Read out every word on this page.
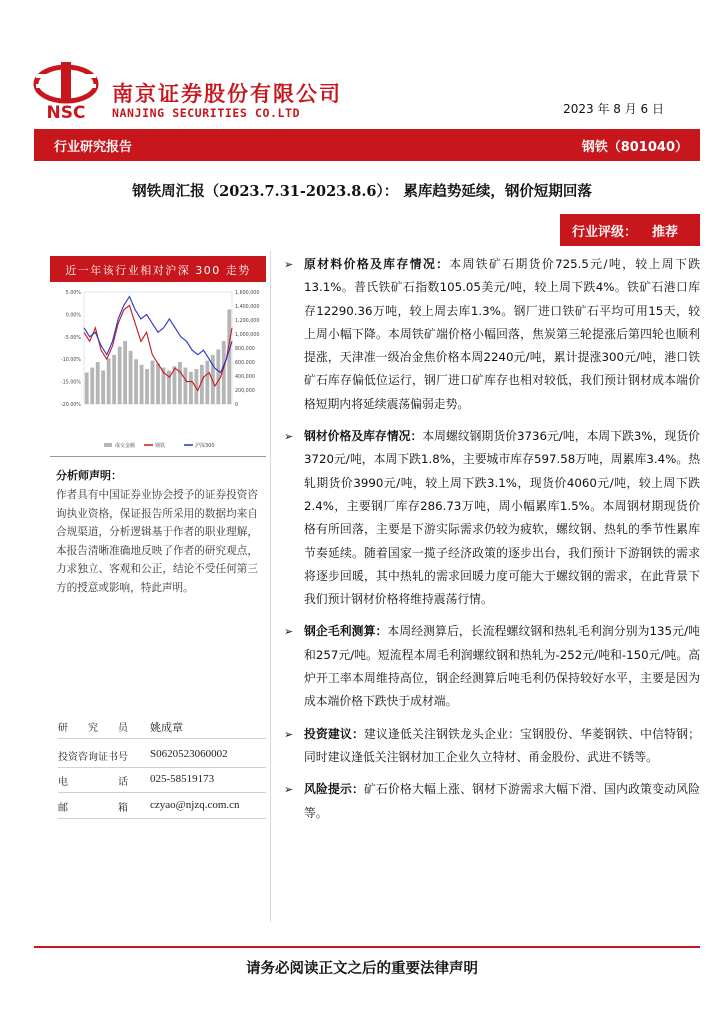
NSC
南京证券股份有限公司
NANJING SECURITIES CO.LTD	2023 年 8 月 6 日
行业研究报告	钢铁（801040）
钢铁周汇报（2023.7.31-2023.8.6）： 累库趋势延续，钢价短期回落
行业评级： 推荐
近一年该行业相对沪深 300 走势
5.00%
0.00%
-5.00%
-10.00%
-15.00%
-20.00%
1,600,000
1,400,000
1,200,000
1,000,000
800,000
600,000
400,000
200,000
0
成交金额	钢铁	沪深300
分析师声明：
作者具有中国证券业协会授予的证券投资咨询执业资格，保证报告所采用的数据均来自合规渠道，分析逻辑基于作者的职业理解，本报告清晰准确地反映了作者的研究观点，力求独立、客观和公正，结论不受任何第三方的授意或影响，特此声明。
研　　究　　员	姚成章
投资咨询证书号	S0620523060002
电　　　　　话	025-58519173
邮　　　　　箱	czyao@njzq.com.cn
➢ 原材料价格及库存情况：本周铁矿石期货价725.5元/吨，较上周下跌13.1%。普氏铁矿石指数105.05美元/吨，较上周下跌4%。铁矿石港口库存12290.36万吨，较上周去库1.3%。钢厂进口铁矿石平均可用15天，较上周小幅下降。本周铁矿端价格小幅回落，焦炭第三轮提涨后第四轮也顺利提涨，天津准一级冶金焦价格本周2240元/吨，累计提涨300元/吨，港口铁矿石库存偏低位运行，钢厂进口矿库存也相对较低，我们预计钢材成本端价格短期内将延续震荡偏弱走势。
➢ 钢材价格及库存情况：本周螺纹钢期货价3736元/吨，本周下跌3%，现货价3720元/吨，本周下跌1.8%，主要城市库存597.58万吨，周累库3.4%。热轧期货价3990元/吨，较上周下跌3.1%，现货价4060元/吨，较上周下跌2.4%，主要钢厂库存286.73万吨，周小幅累库1.5%。本周钢材期现货价格有所回落，主要是下游实际需求仍较为疲软，螺纹钢、热轧的季节性累库节奏延续。随着国家一揽子经济政策的逐步出台，我们预计下游钢铁的需求将逐步回暖，其中热轧的需求回暖力度可能大于螺纹钢的需求，在此背景下我们预计钢材价格将维持震荡行情。
➢ 钢企毛利测算：本周经测算后，长流程螺纹钢和热轧毛利润分别为135元/吨和257元/吨。短流程本周毛利润螺纹钢和热轧为-252元/吨和-150元/吨。高炉开工率本周维持高位，钢企经测算后吨毛利仍保持较好水平，主要是因为成本端价格下跌快于成材端。
➢ 投资建议：建议逢低关注钢铁龙头企业：宝钢股份、华菱钢铁、中信特钢；同时建议逢低关注钢材加工企业久立特材、甬金股份、武进不锈等。
➢ 风险提示：矿石价格大幅上涨、钢材下游需求大幅下滑、国内政策变动风险等。
请务必阅读正文之后的重要法律声明
